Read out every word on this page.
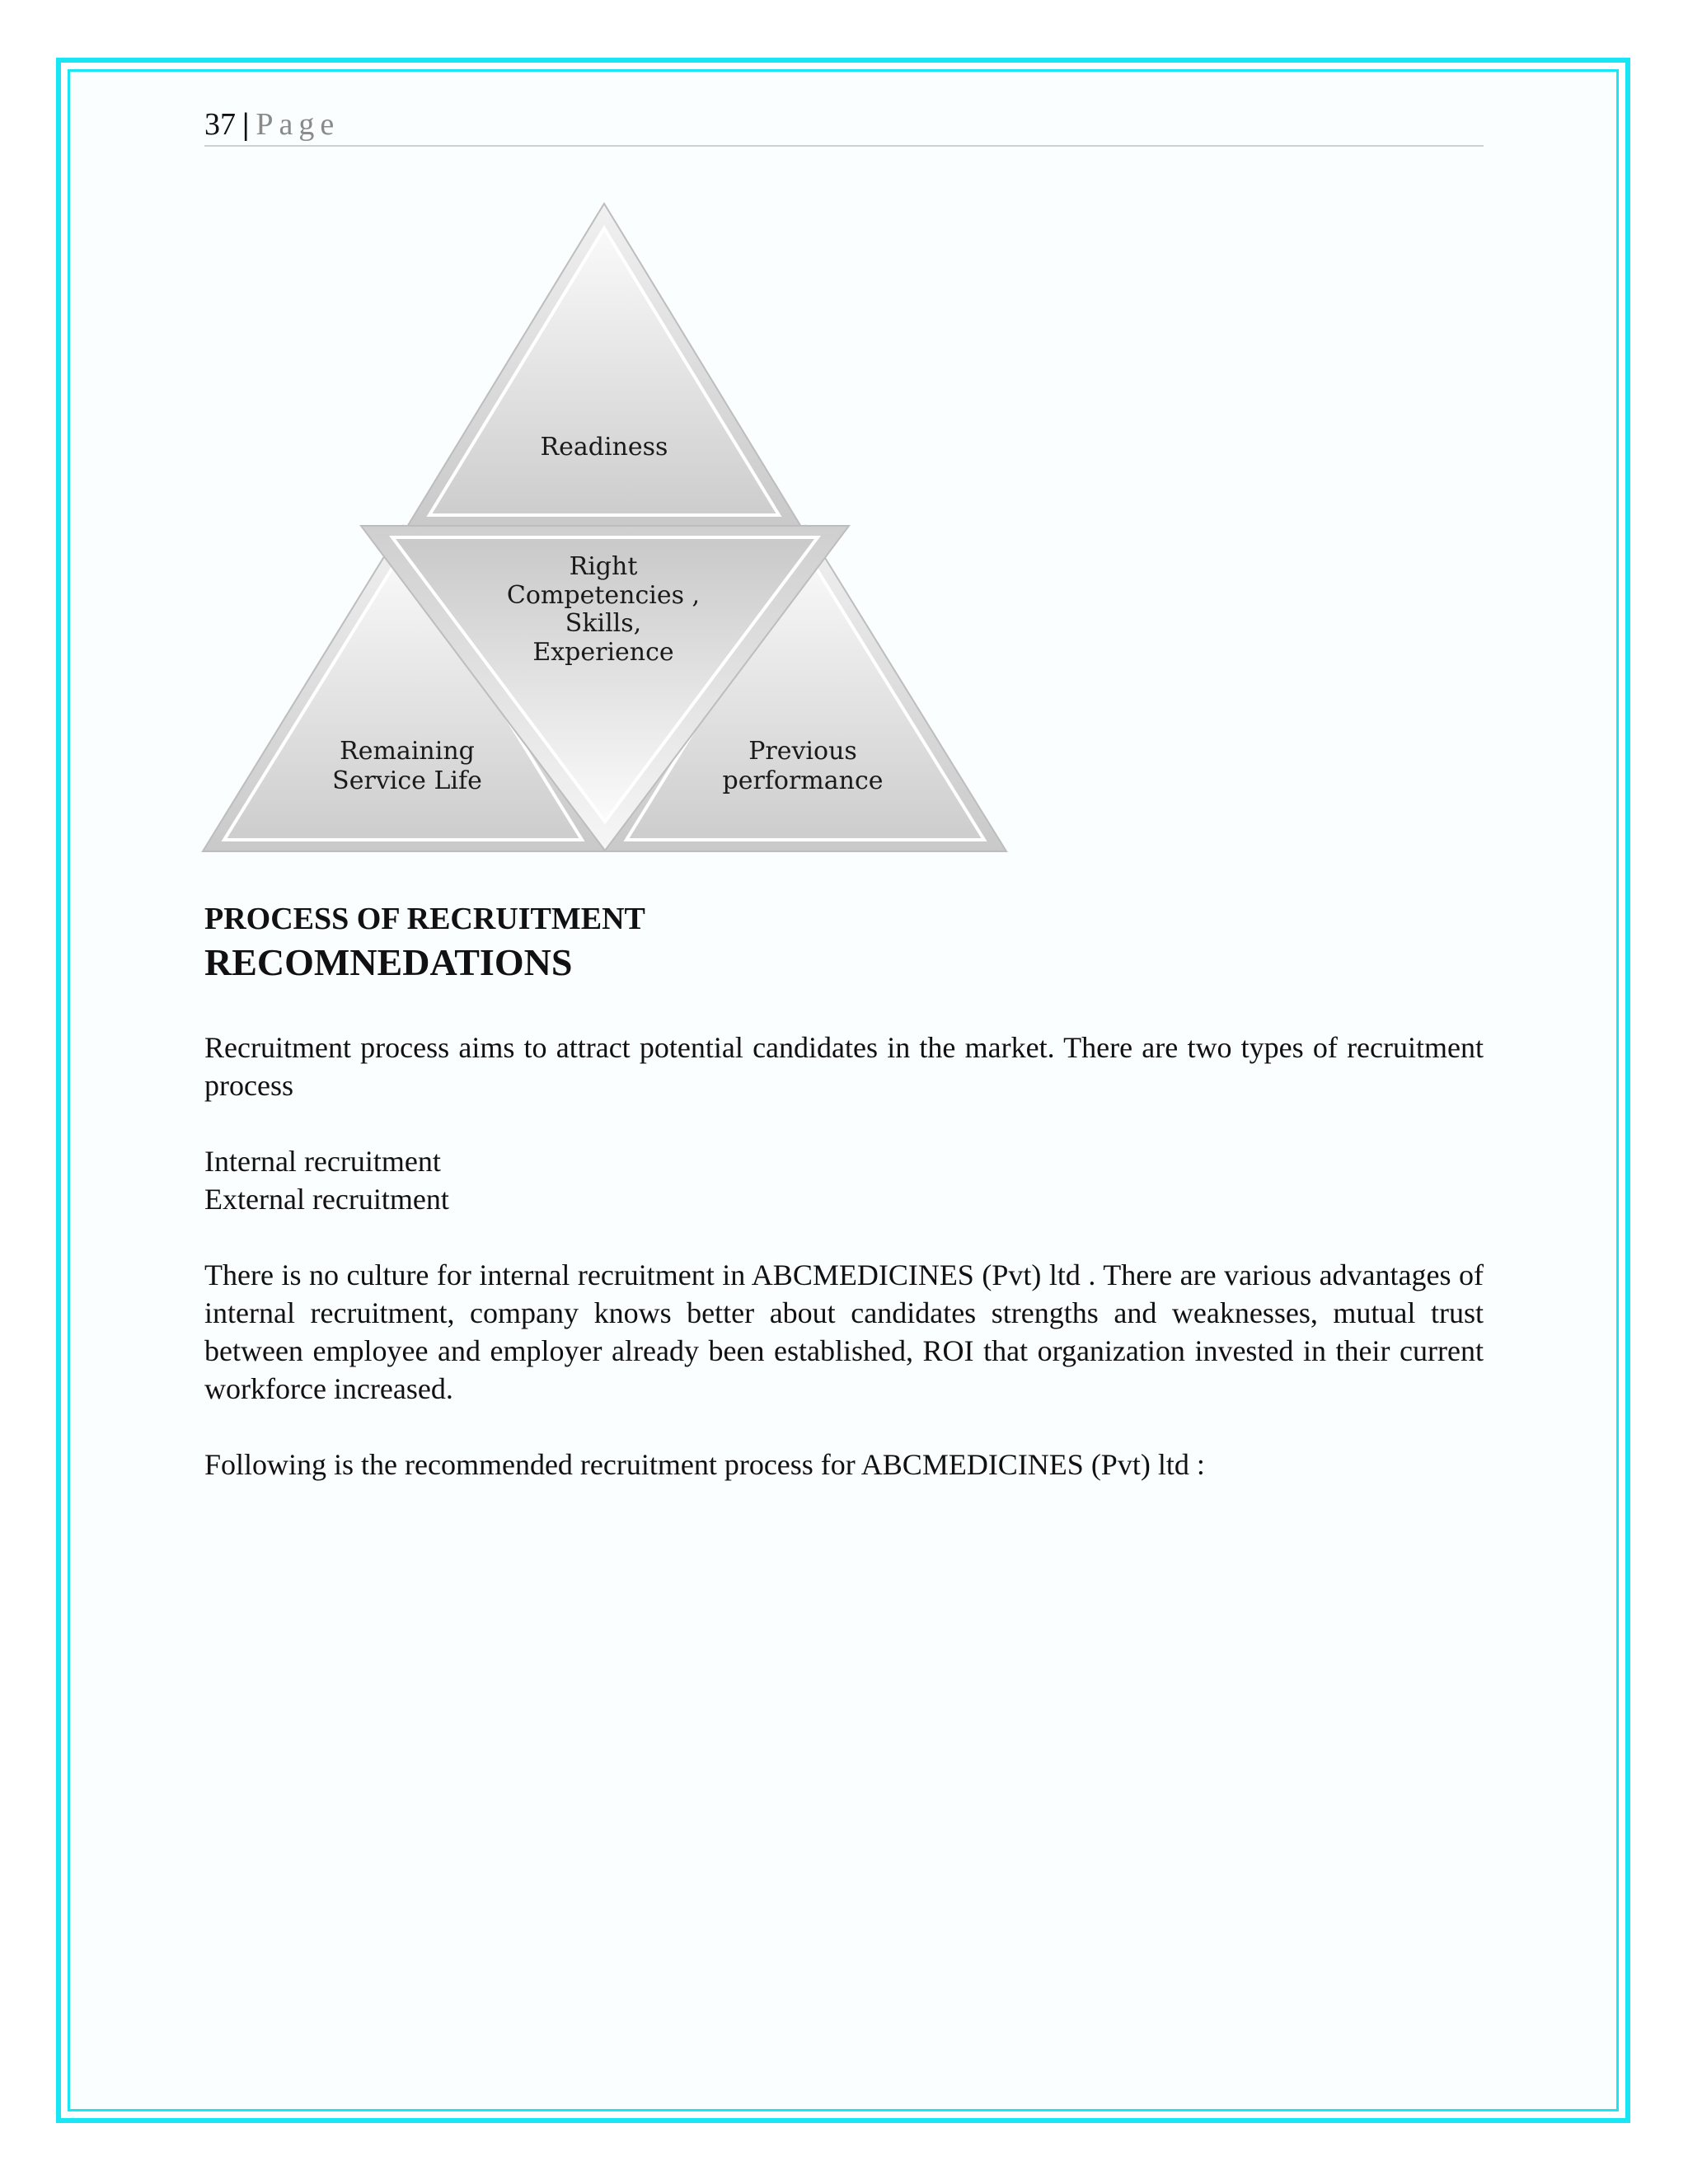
37 | Page
Readiness
Remaining
Service Life
Previous
performance
Right
Competencies ,
Skills,
Experience
PROCESS OF RECRUITMENT
RECOMNEDATIONS

Recruitment process aims to attract potential candidates in the market. There are two types of recruitment process

Internal recruitment
External recruitment

There is no culture for internal recruitment in ABCMEDICINES (Pvt) ltd . There are various advantages of internal recruitment, company knows better about candidates strengths and weaknesses, mutual trust between employee and employer already been established, ROI that organization invested in their current workforce increased.

Following is the recommended recruitment process for ABCMEDICINES (Pvt) ltd :
